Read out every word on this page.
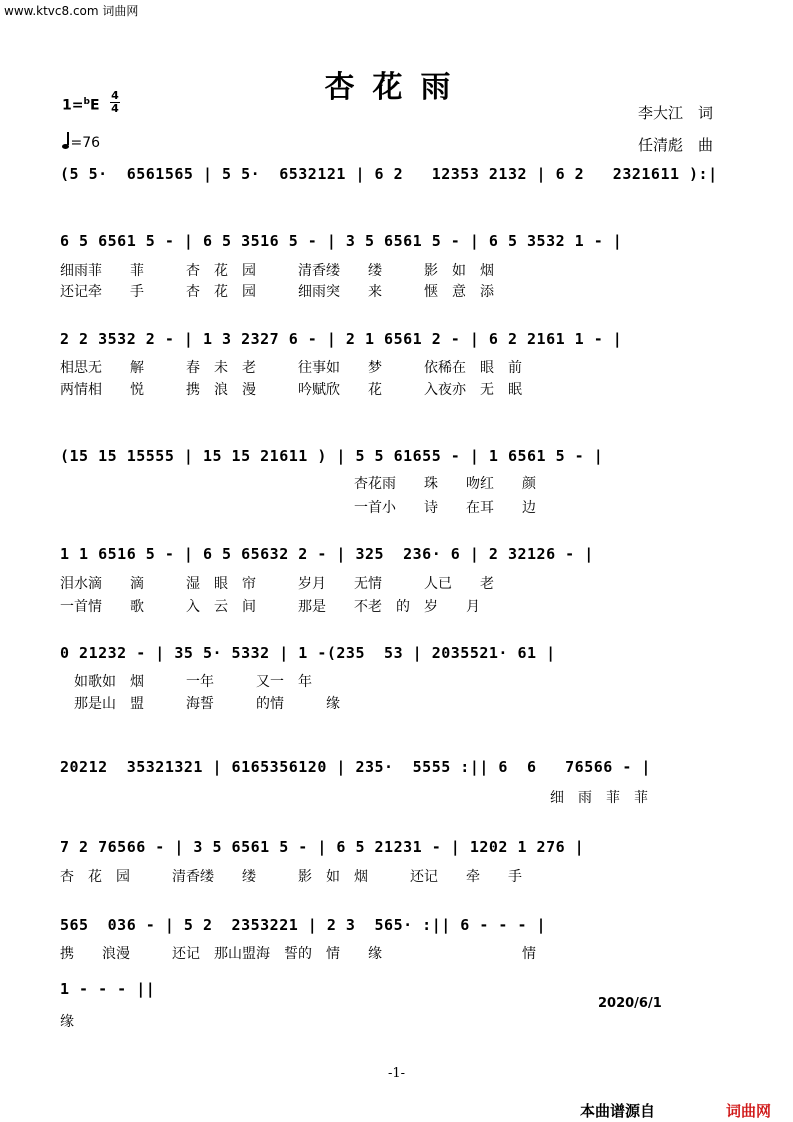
www.ktvc8.com 词曲网
杏花雨
1=$^b$E
4
4
=76
李大江　词
任清彪　曲
(5 5·  6561565 | 5 5·  6532121 | 6 2   12353 2132 | 6 2   2321611 ):|
6 5 6561 5 - | 6 5 3516 5 - | 3 5 6561 5 - | 6 5 3532 1 - |
细雨菲　　菲　　　杏　花　园　　　清香缕　　缕　　　影　如　烟
还记牵　　手　　　杏　花　园　　　细雨突　　来　　　惬　意　添
2 2 3532 2 - | 1 3 2327 6 - | 2 1 6561 2 - | 6 2 2161 1 - |
相思无　　解　　　春　未　老　　　往事如　　梦　　　依稀在　眼　前
两情相　　悦　　　携　浪　漫　　　吟赋欣　　花　　　入夜亦　无　眠
(15 15 15555 | 15 15 21611 ) | 5 5 61655 - | 1 6561 5 - |
　　　　　　　　　　　　　　　　　　　　　杏花雨　　珠　　吻红　　颜
　　　　　　　　　　　　　　　　　　　　　一首小　　诗　　在耳　　边
1 1 6516 5 - | 6 5 65632 2 - | 325  236· 6 | 2 32126 - |
泪水滴　　滴　　　湿　眼　帘　　　岁月　　无情　　　人已　　老
一首情　　歌　　　入　云　间　　　那是　　不老　的　岁　　月
0 21232 - | 35 5· 5332 | 1 -(235  53 | 2035521· 61 |
　如歌如　烟　　　一年　　　又一　年
　那是山　盟　　　海誓　　　的情　　　缘
20212  35321321 | 6165356120 | 235·  5555 :|| 6  6   76566 - |
　　　　　　　　　　　　　　　　　　　　　　　　　　　　　　　　　　　细　雨　菲　菲
7 2 76566 - | 3 5 6561 5 - | 6 5 21231 - | 1202 1 276 |
杏　花　园　　　清香缕　　缕　　　影　如　烟　　　还记　　牵　　手
565  036 - | 5 2  2353221 | 2 3  565· :|| 6 - - - |
携　　浪漫　　　还记　那山盟海　誓的　情　　缘　　　　　　　　　　情
1 - - - ||
缘
2020/6/1
-1-
本曲谱源自	词曲网
